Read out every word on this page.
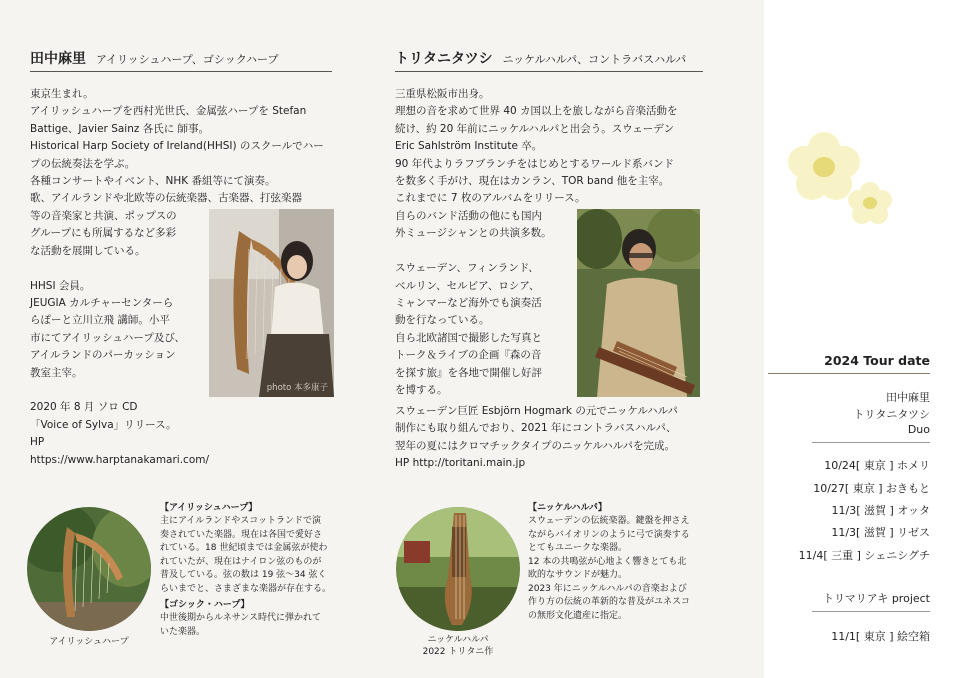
田中麻里 アイリッシュハープ、ゴシックハープ
東京生まれ。
アイリッシュハープを西村光世氏、金属弦ハープを Stefan
Battige、Javier Sainz 各氏に 師事。
Historical Harp Society of Ireland(HHSI) のスクールでハー
プの伝統奏法を学ぶ。
各種コンサートやイベント、NHK 番組等にて演奏。
歌、アイルランドや北欧等の伝統楽器、古楽器、打弦楽器
等の音楽家と共演、ポップスの
グループにも所属するなど多彩
な活動を展開している。

HHSI 会員。
JEUGIA カルチャーセンターら
らぽーと立川立飛 講師。小平
市にてアイリッシュハープ及び、
アイルランドのパーカッション
教室主宰。

2020 年 8 月 ソロ CD
「Voice of Sylva」リリース。
HP https://www.harptanakamari.com/
photo 本多康子
トリタニタツシ ニッケルハルパ、コントラバスハルパ
三重県松阪市出身。
理想の音を求めて世界 40 カ国以上を旅しながら音楽活動を
続け、約 20 年前にニッケルハルパと出会う。スウェーデン
Eric Sahlström Institute 卒。
90 年代よりラフブランチをはじめとするワールド系バンド
を数多く手がけ、現在はカンラン、TOR band 他を主宰。
これまでに 7 枚のアルバムをリリース。
自らのバンド活動の他にも国内
外ミュージシャンとの共演多数。

スウェーデン、フィンランド、
ベルリン、セルビア、ロシア、
ミャンマーなど海外でも演奏活
動を行なっている。
自ら北欧諸国で撮影した写真と
トーク＆ライブの企画『森の音
を探す旅』を各地で開催し好評
を博する。
スウェーデン巨匠 Esbjörn Hogmark の元でニッケルハルパ
制作にも取り組んでおり、2021 年にコントラバスハルパ、
翌年の夏にはクロマチックタイプのニッケルハルパを完成。
HP http://toritani.main.jp
アイリッシュハープ
【アイリッシュハープ】
主にアイルランドやスコットランドで演
奏されていた楽器。現在は各国で愛好さ
れている。18 世紀頃までは金属弦が使わ
れていたが、現在はナイロン弦のものが
普及している。弦の数は 19 弦～34 弦く
らいまでと、さまざまな楽器が存在する。
【ゴシック・ハープ】
中世後期からルネサンス時代に弾かれて
いた楽器。
ニッケルハルパ
2022 トリタニ作
【ニッケルハルパ】
スウェーデンの伝統楽器。鍵盤を押さえ
ながらバイオリンのように弓で演奏する
とてもユニークな楽器。
12 本の共鳴弦が心地よく響きとても北
欧的なサウンドが魅力。
2023 年にニッケルハルパの音楽および
作り方の伝統の革新的な普及がユネスコ
の無形文化遺産に指定。
2024 Tour date
田中麻里
トリタニタツシ
Duo
10/24[ 東京 ] ホメリ
10/27[ 東京 ] おきもと
11/3[ 滋賀 ] オッタ
11/3[ 滋賀 ] リゼス
11/4[ 三重 ] シェニシグチ
トリマリアキ project
11/1[ 東京 ] 絵空箱
